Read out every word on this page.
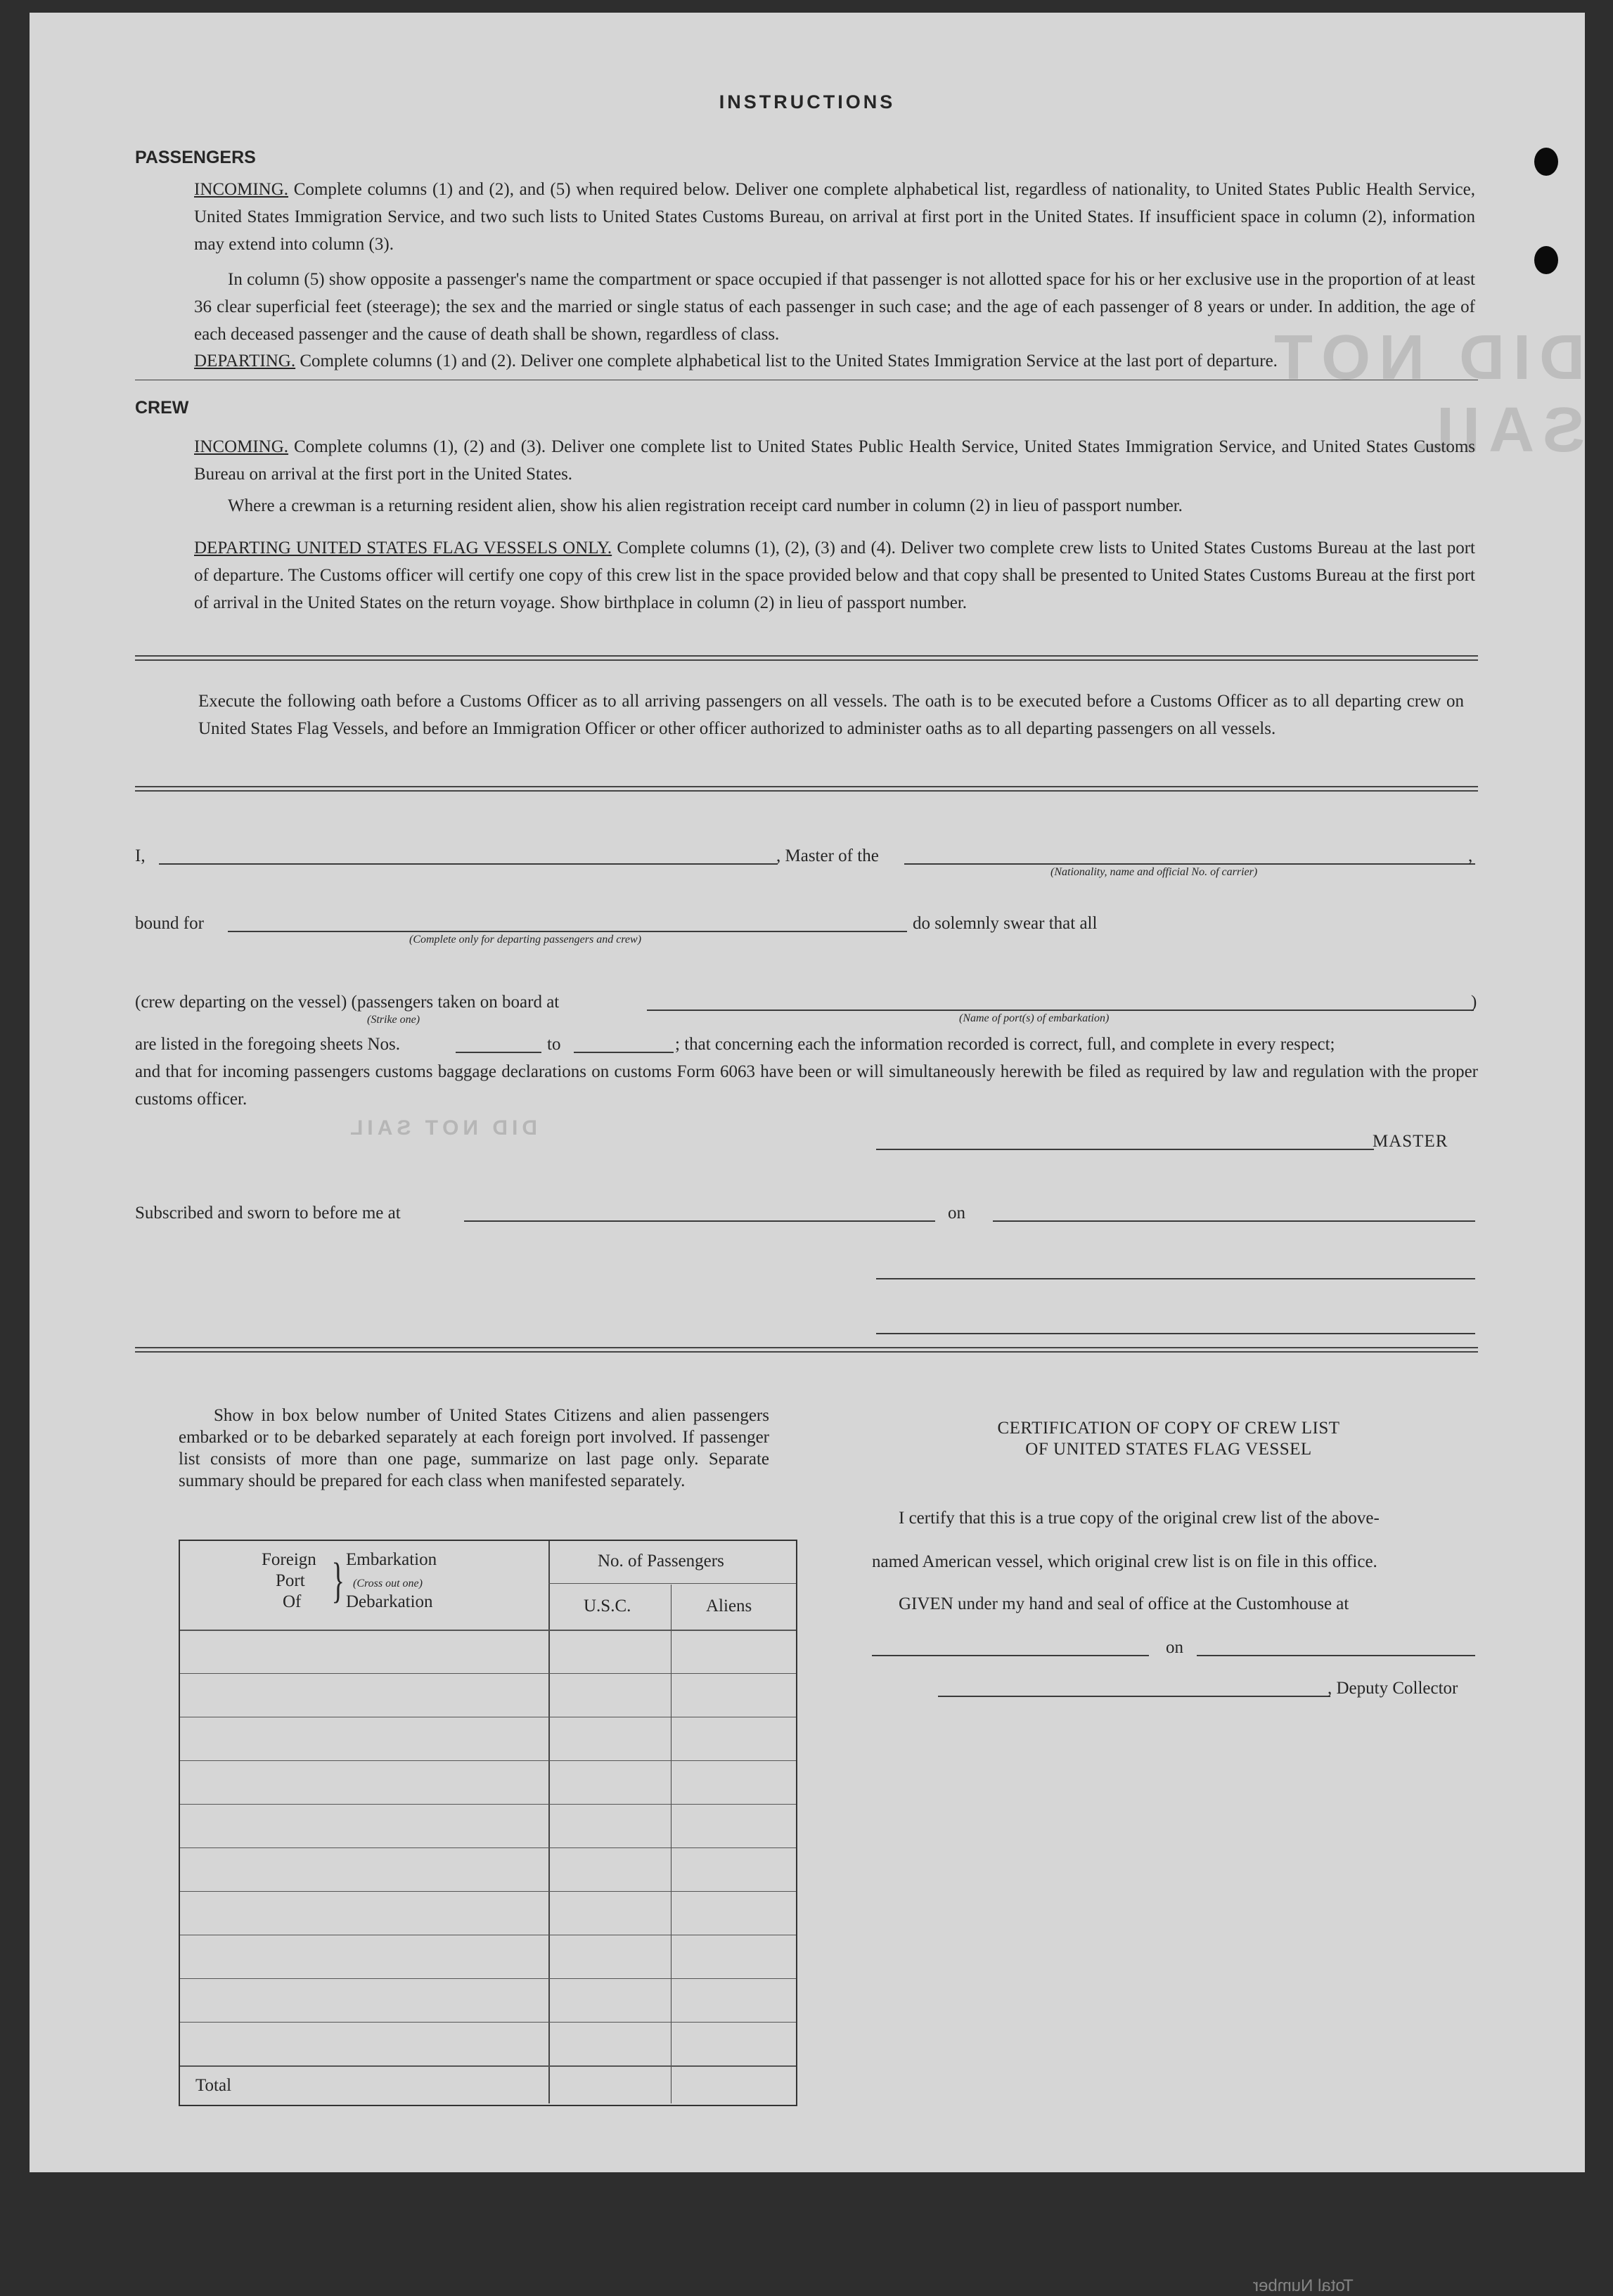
DID NOT SAIL
DID NOT SAIL
Total Number
INSTRUCTIONS
PASSENGERS
INCOMING. Complete columns (1) and (2), and (5) when required below. Deliver one complete alphabetical list, regardless of nationality, to United States Public Health Service, United States Immigration Service, and two such lists to United States Customs Bureau, on arrival at first port in the United States. If insufficient space in column (2), information may extend into column (3).
In column (5) show opposite a passenger's name the compartment or space occupied if that passenger is not allotted space for his or her exclusive use in the proportion of at least 36 clear superficial feet (steerage); the sex and the married or single status of each passenger in such case; and the age of each passenger of 8 years or under. In addition, the age of each deceased passenger and the cause of death shall be shown, regardless of class.
DEPARTING. Complete columns (1) and (2). Deliver one complete alphabetical list to the United States Immigration Service at the last port of departure.
CREW
INCOMING. Complete columns (1), (2) and (3). Deliver one complete list to United States Public Health Service, United States Immigration Service, and United States Customs Bureau on arrival at the first port in the United States.
Where a crewman is a returning resident alien, show his alien registration receipt card number in column (2) in lieu of passport number.
DEPARTING UNITED STATES FLAG VESSELS ONLY. Complete columns (1), (2), (3) and (4). Deliver two complete crew lists to United States Customs Bureau at the last port of departure. The Customs officer will certify one copy of this crew list in the space provided below and that copy shall be presented to United States Customs Bureau at the first port of arrival in the United States on the return voyage. Show birthplace in column (2) in lieu of passport number.
Execute the following oath before a Customs Officer as to all arriving passengers on all vessels. The oath is to be executed before a Customs Officer as to all departing crew on United States Flag Vessels, and before an Immigration Officer or other officer authorized to administer oaths as to all departing passengers on all vessels.
I,	, Master of the	,
(Nationality, name and official No. of carrier)
bound for
(Complete only for departing passengers and crew)
do solemnly swear that all
(crew departing on the vessel) (passengers taken on board at
(Strike one)
)
(Name of port(s) of embarkation)
are listed in the foregoing sheets Nos.	to	; that concerning each the information recorded is correct, full, and complete in every respect;
and that for incoming passengers customs baggage declarations on customs Form 6063 have been or will simultaneously herewith be filed as required by law and regulation with the proper customs officer.
MASTER
Subscribed and sworn to before me at	on
Show in box below number of United States Citizens and alien passengers embarked or to be debarked separately at each foreign port involved. If passenger list consists of more than one page, summarize on last page only. Separate summary should be prepared for each class when manifested separately.
Foreign
Port
Of } Embarkation
(Cross out one)
Debarkation
No. of Passengers
U.S.C.	Aliens
Total
CERTIFICATION OF COPY OF CREW LIST
OF UNITED STATES FLAG VESSEL
I certify that this is a true copy of the original crew list of the above-
named American vessel, which original crew list is on file in this office.
GIVEN under my hand and seal of office at the Customhouse at
on
, Deputy Collector
